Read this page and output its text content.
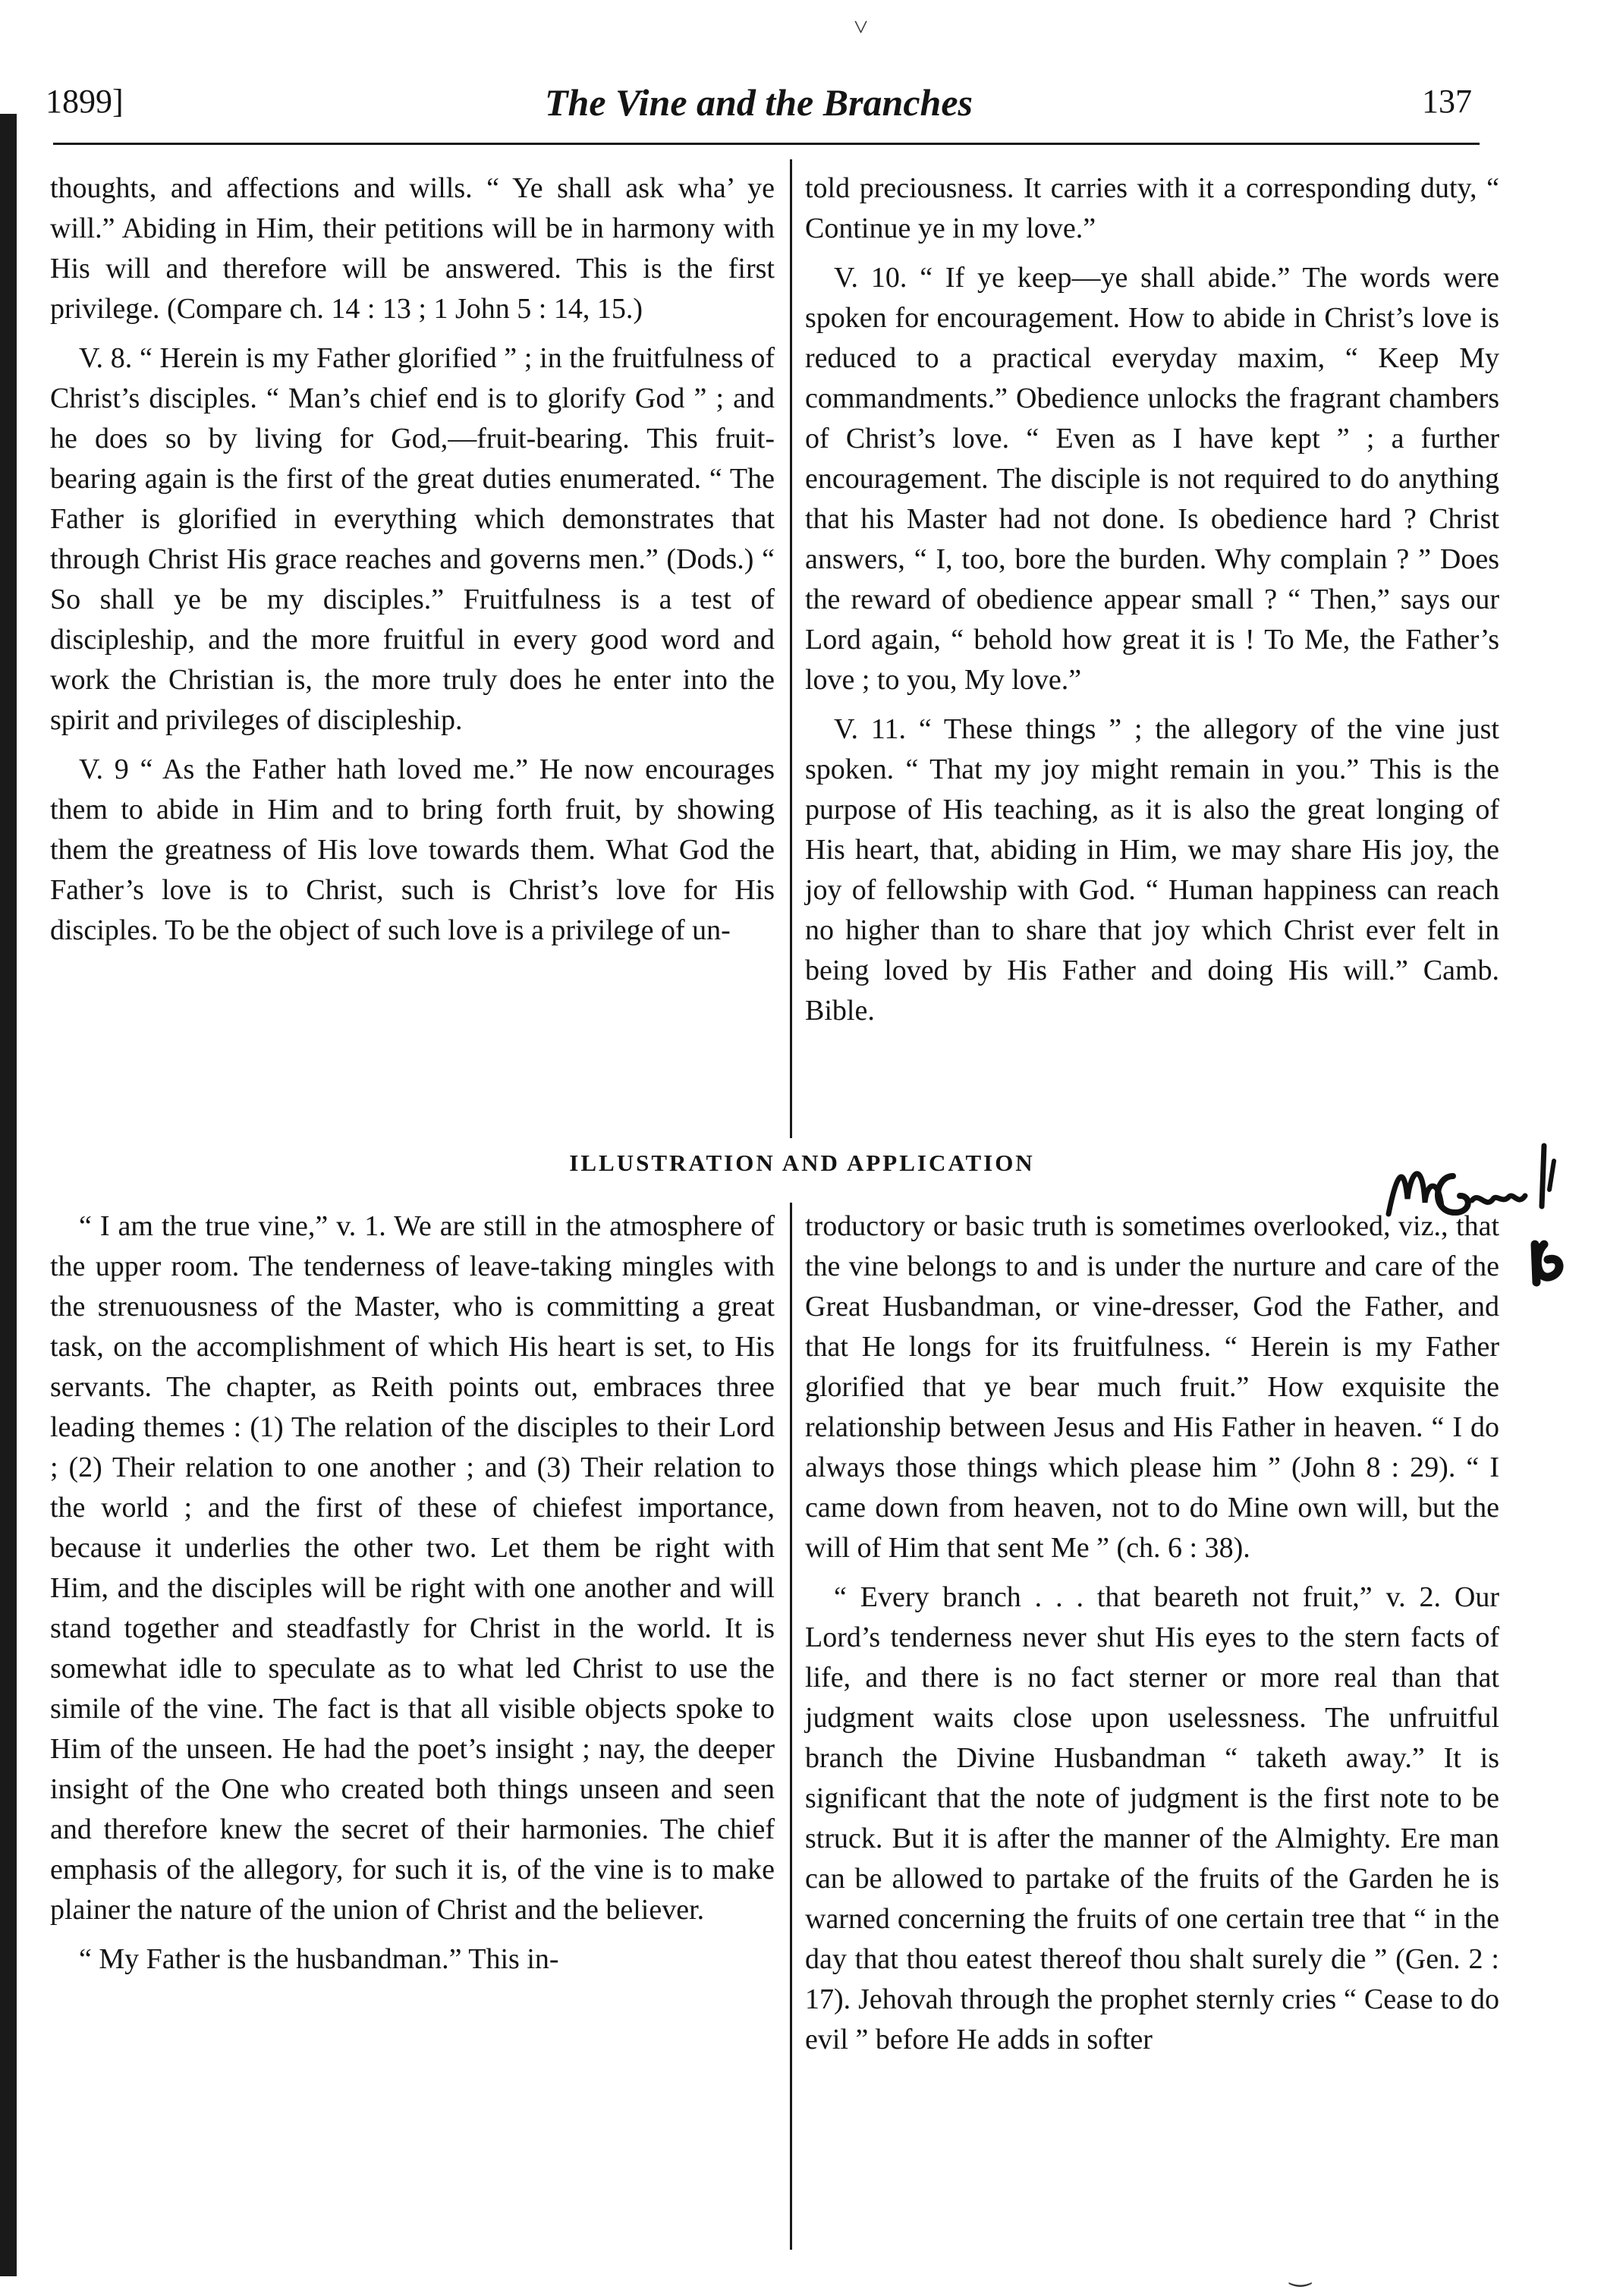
˅
1899]	The Vine and the Branches	137

thoughts, and affections and wills. “ Ye shall ask wha’ ye will.” Abiding in Him, their petitions will be in harmony with His will and therefore will be answered. This is the first privilege. (Compare ch. 14 : 13 ; 1 John 5 : 14, 15.)

V. 8. “ Herein is my Father glorified ” ; in the fruitfulness of Christ’s disciples. “ Man’s chief end is to glorify God ” ; and he does so by living for God,—fruit-bearing. This fruit-bearing again is the first of the great duties enumerated. “ The Father is glorified in everything which demonstrates that through Christ His grace reaches and governs men.” (Dods.) “ So shall ye be my disciples.” Fruitfulness is a test of discipleship, and the more fruitful in every good word and work the Christian is, the more truly does he enter into the spirit and privileges of discipleship.

V. 9 “ As the Father hath loved me.” He now encourages them to abide in Him and to bring forth fruit, by showing them the greatness of His love towards them. What God the Father’s love is to Christ, such is Christ’s love for His disciples. To be the object of such love is a privilege of un-

told preciousness. It carries with it a corresponding duty, “ Continue ye in my love.”

V. 10. “ If ye keep—ye shall abide.” The words were spoken for encouragement. How to abide in Christ’s love is reduced to a practical everyday maxim, “ Keep My commandments.” Obedience unlocks the fragrant chambers of Christ’s love. “ Even as I have kept ” ; a further encouragement. The disciple is not required to do anything that his Master had not done. Is obedience hard ? Christ answers, “ I, too, bore the burden. Why complain ? ” Does the reward of obedience appear small ? “ Then,” says our Lord again, “ behold how great it is ! To Me, the Father’s love ; to you, My love.”

V. 11. “ These things ” ; the allegory of the vine just spoken. “ That my joy might remain in you.” This is the purpose of His teaching, as it is also the great longing of His heart, that, abiding in Him, we may share His joy, the joy of fellowship with God. “ Human happiness can reach no higher than to share that joy which Christ ever felt in being loved by His Father and doing His will.” Camb. Bible.

ILLUSTRATION AND APPLICATION

“ I am the true vine,” v. 1. We are still in the atmosphere of the upper room. The tenderness of leave-taking mingles with the strenuousness of the Master, who is committing a great task, on the accomplishment of which His heart is set, to His servants. The chapter, as Reith points out, embraces three leading themes : (1) The relation of the disciples to their Lord ; (2) Their relation to one another ; and (3) Their relation to the world ; and the first of these of chiefest importance, because it underlies the other two. Let them be right with Him, and the disciples will be right with one another and will stand together and steadfastly for Christ in the world. It is somewhat idle to speculate as to what led Christ to use the simile of the vine. The fact is that all visible objects spoke to Him of the unseen. He had the poet’s insight ; nay, the deeper insight of the One who created both things unseen and seen and therefore knew the secret of their harmonies. The chief emphasis of the allegory, for such it is, of the vine is to make plainer the nature of the union of Christ and the believer.

“ My Father is the husbandman.” This in-

troductory or basic truth is sometimes overlooked, viz., that the vine belongs to and is under the nurture and care of the Great Husbandman, or vine-dresser, God the Father, and that He longs for its fruitfulness. “ Herein is my Father glorified that ye bear much fruit.” How exquisite the relationship between Jesus and His Father in heaven. “ I do always those things which please him ” (John 8 : 29). “ I came down from heaven, not to do Mine own will, but the will of Him that sent Me ” (ch. 6 : 38).

“ Every branch . . . that beareth not fruit,” v. 2. Our Lord’s tenderness never shut His eyes to the stern facts of life, and there is no fact sterner or more real than that judgment waits close upon uselessness. The unfruitful branch the Divine Husbandman “ taketh away.” It is significant that the note of judgment is the first note to be struck. But it is after the manner of the Almighty. Ere man can be allowed to partake of the fruits of the Garden he is warned concerning the fruits of one certain tree that “ in the day that thou eatest thereof thou shalt surely die ” (Gen. 2 : 17). Jehovah through the prophet sternly cries “ Cease to do evil ” before He adds in softer

‿
